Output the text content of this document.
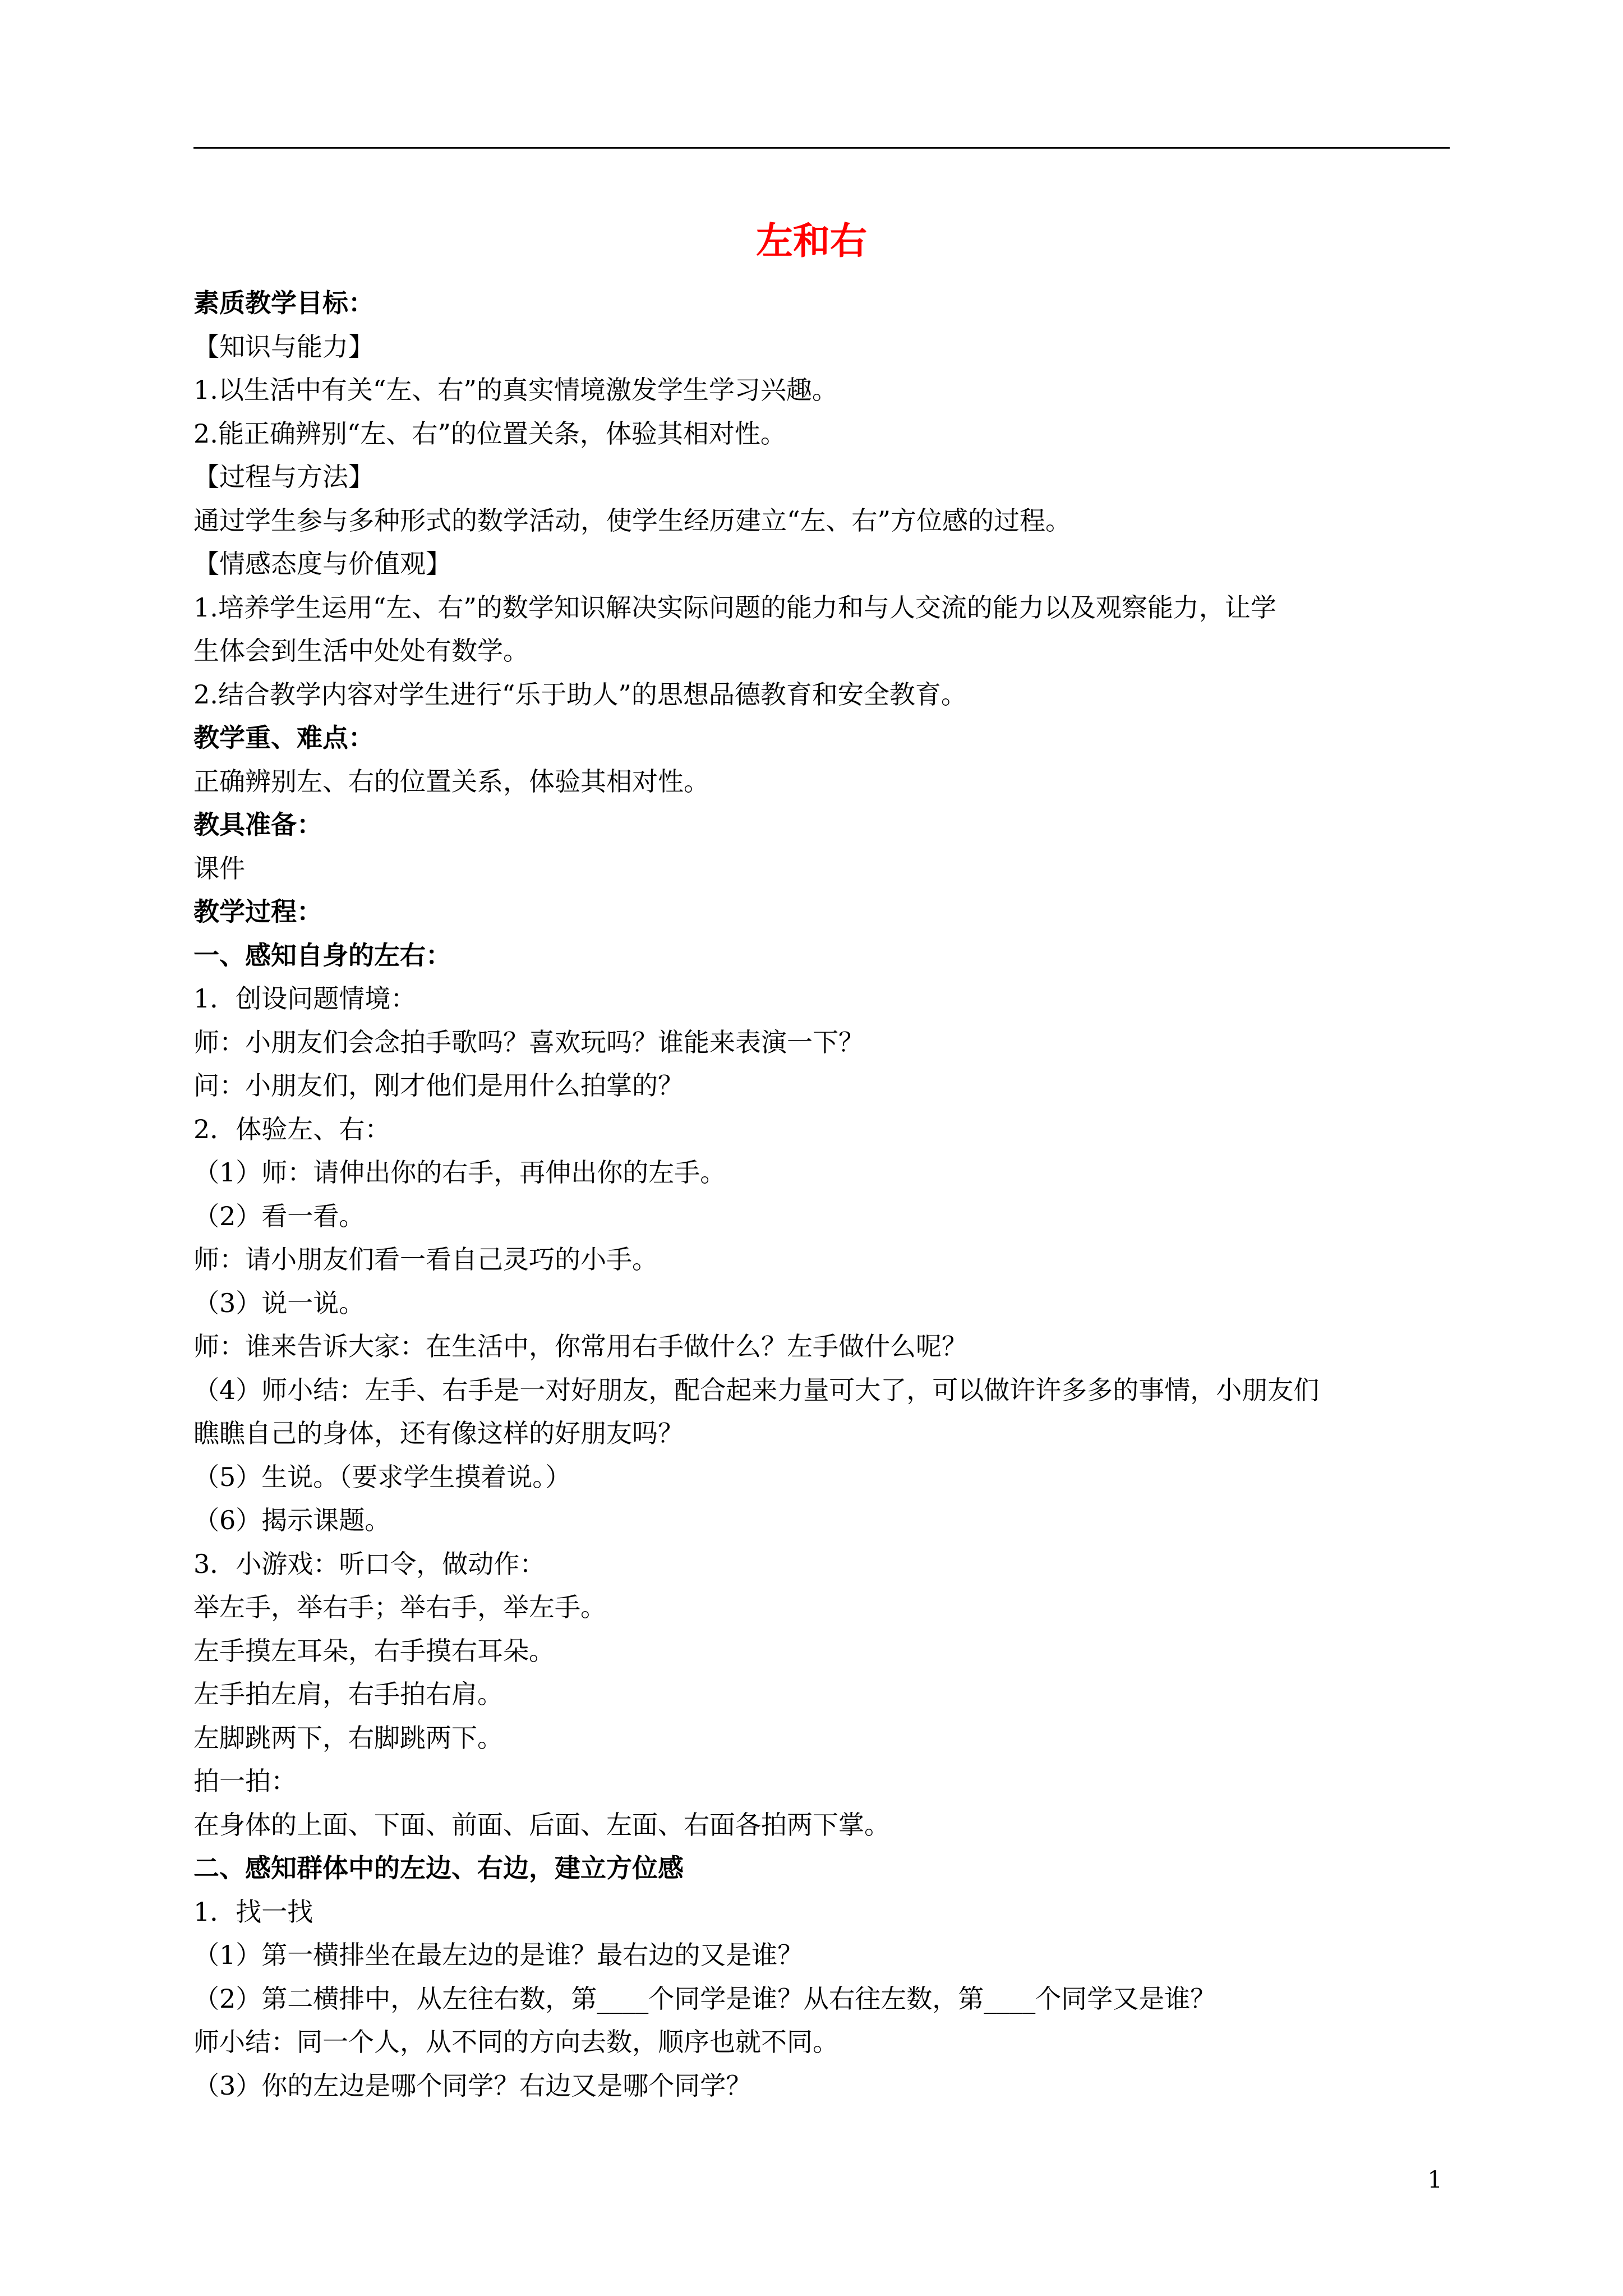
左和右
素质教学目标：
【知识与能力】
1.以生活中有关“左、右”的真实情境激发学生学习兴趣。
2.能正确辨别“左、右”的位置关条，体验其相对性。
【过程与方法】
通过学生参与多种形式的数学活动，使学生经历建立“左、右”方位感的过程。
【情感态度与价值观】
1.培养学生运用“左、右”的数学知识解决实际问题的能力和与人交流的能力以及观察能力，让学
生体会到生活中处处有数学。
2.结合教学内容对学生进行“乐于助人”的思想品德教育和安全教育。
教学重、难点：
正确辨别左、右的位置关系，体验其相对性。
教具准备：
课件
教学过程：
一、感知自身的左右：
1．创设问题情境：
师：小朋友们会念拍手歌吗？喜欢玩吗？谁能来表演一下？
问：小朋友们，刚才他们是用什么拍掌的？
2．体验左、右：
（1）师：请伸出你的右手，再伸出你的左手。
（2）看一看。
师：请小朋友们看一看自己灵巧的小手。
（3）说一说。
师：谁来告诉大家：在生活中，你常用右手做什么？左手做什么呢？
（4）师小结：左手、右手是一对好朋友，配合起来力量可大了，可以做许许多多的事情，小朋友们
瞧瞧自己的身体，还有像这样的好朋友吗？
（5）生说。（要求学生摸着说。）
（6）揭示课题。
3．小游戏：听口令，做动作：
举左手，举右手；举右手，举左手。
左手摸左耳朵，右手摸右耳朵。
左手拍左肩，右手拍右肩。
左脚跳两下，右脚跳两下。
拍一拍：
在身体的上面、下面、前面、后面、左面、右面各拍两下掌。
二、感知群体中的左边、右边，建立方位感
1．找一找
（1）第一横排坐在最左边的是谁？最右边的又是谁？
（2）第二横排中，从左往右数，第____个同学是谁？从右往左数，第____个同学又是谁？
师小结：同一个人，从不同的方向去数，顺序也就不同。
（3）你的左边是哪个同学？右边又是哪个同学？
1
